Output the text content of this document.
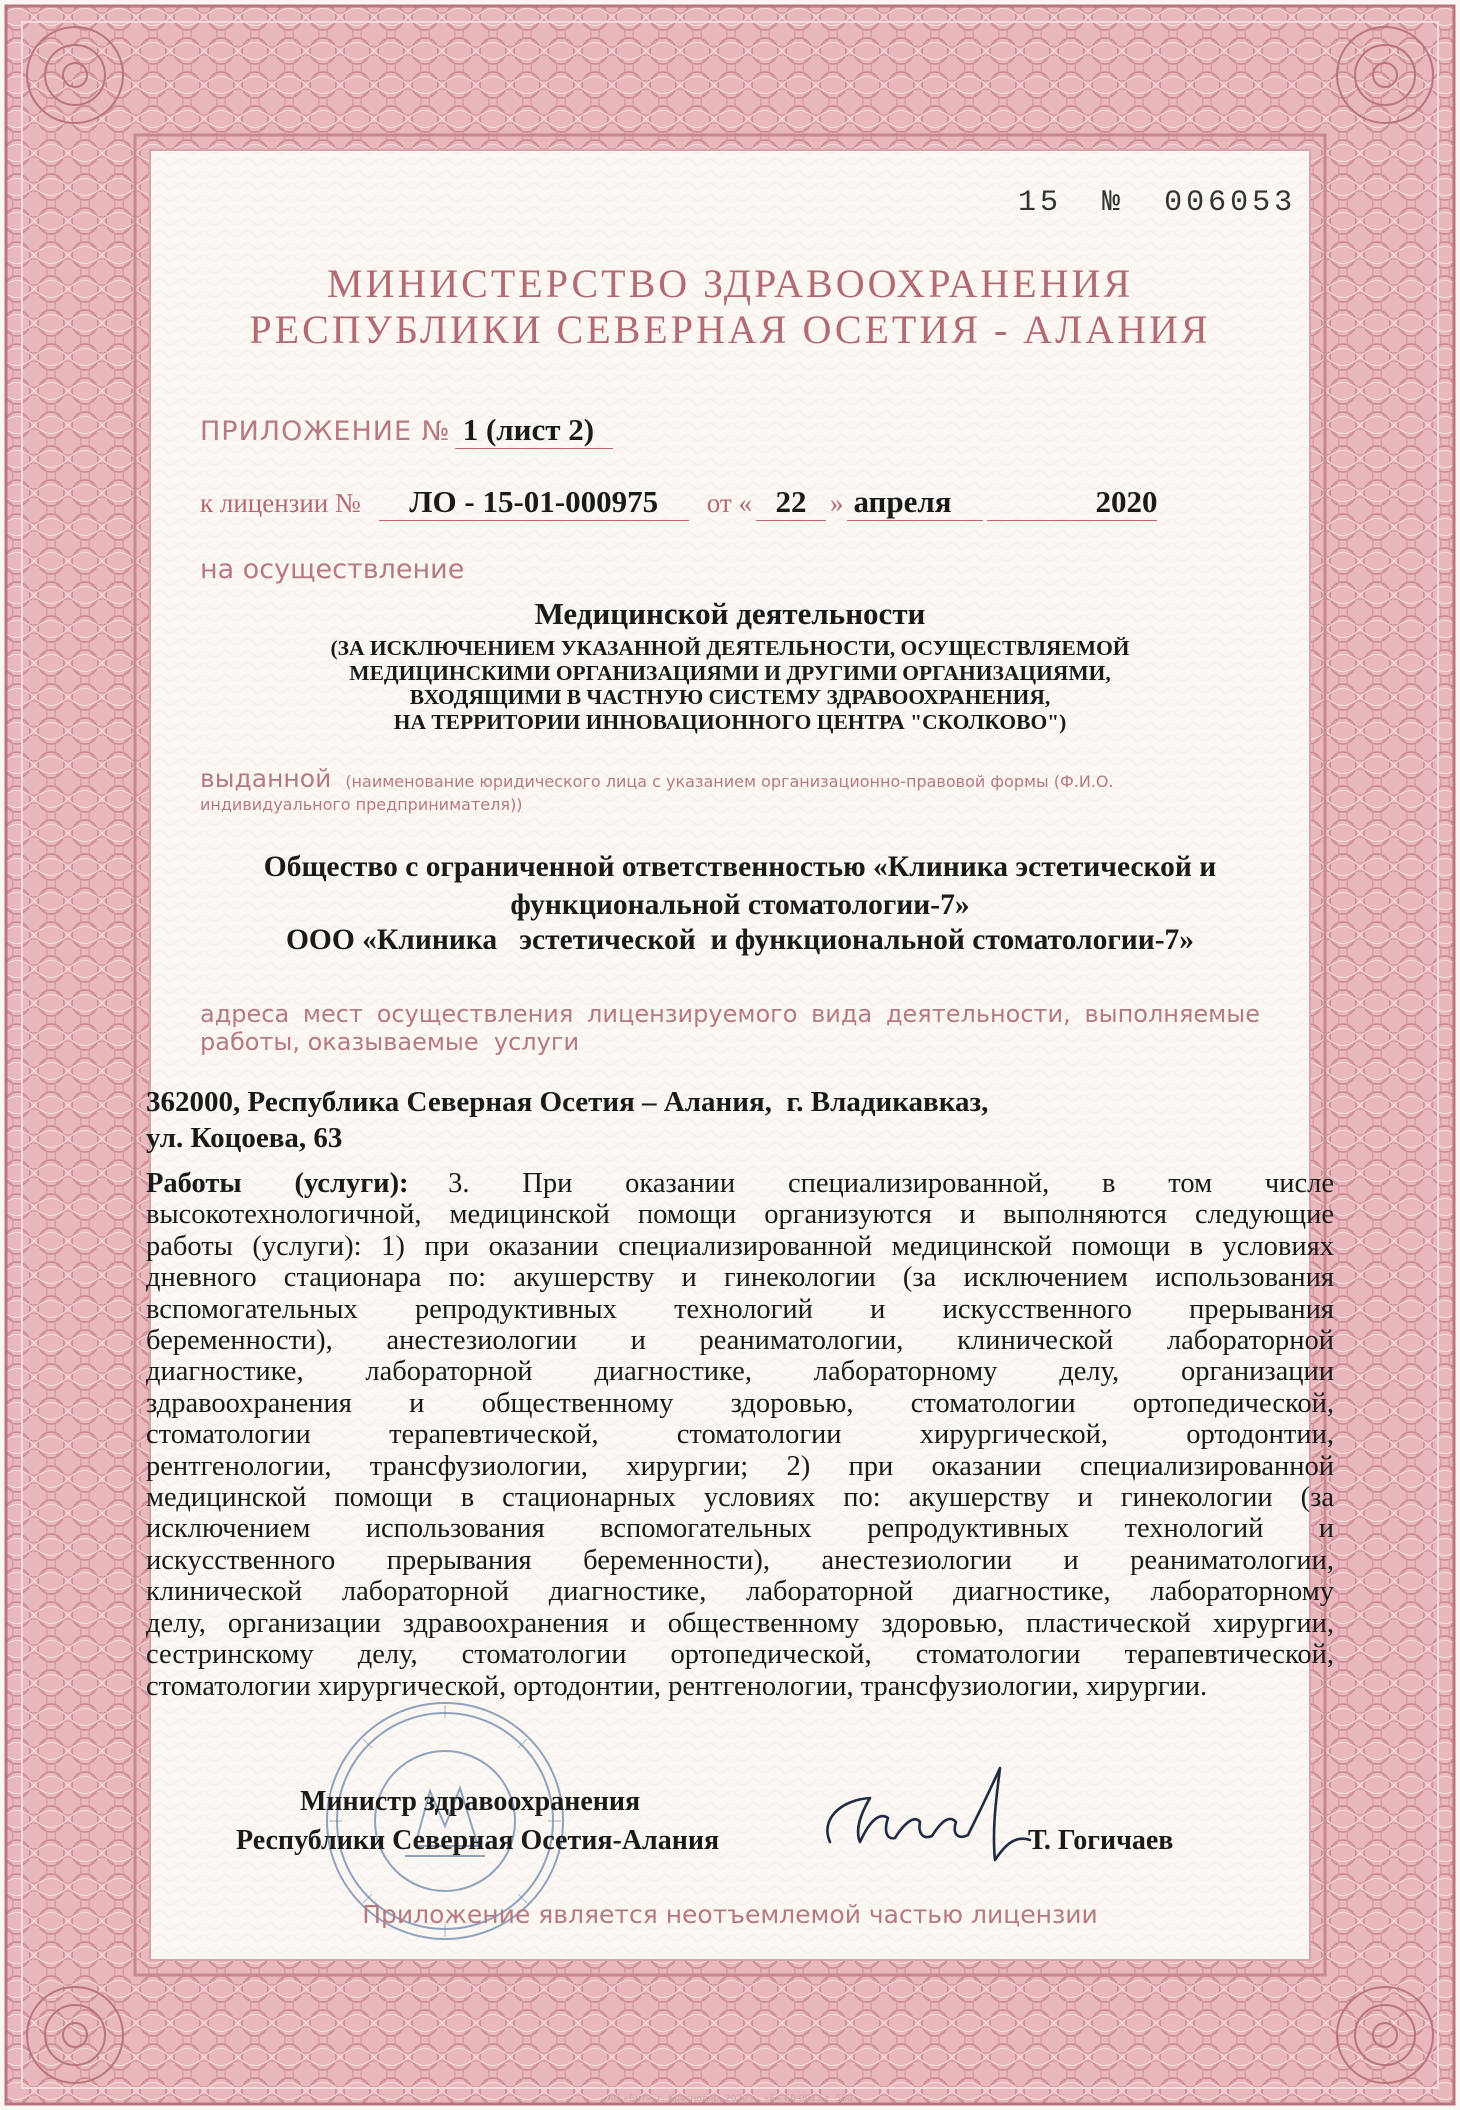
15 № 006053
МИНИСТЕРСТВО ЗДРАВООХРАНЕНИЯ
РЕСПУБЛИКИ СЕВЕРНАЯ ОСЕТИЯ - АЛАНИЯ
ПРИЛОЖЕНИЕ № 1 (лист 2)
к лицензии № ЛО - 15-01-000975 от « 22 » апреля	2020
на осуществление
Медицинской деятельности
(ЗА ИСКЛЮЧЕНИЕМ УКАЗАННОЙ ДЕЯТЕЛЬНОСТИ, ОСУЩЕСТВЛЯЕМОЙ
МЕДИЦИНСКИМИ ОРГАНИЗАЦИЯМИ И ДРУГИМИ ОРГАНИЗАЦИЯМИ,
ВХОДЯЩИМИ В ЧАСТНУЮ СИСТЕМУ ЗДРАВООХРАНЕНИЯ,
НА ТЕРРИТОРИИ ИННОВАЦИОННОГО ЦЕНТРА "СКОЛКОВО")
выданной (наименование юридического лица с указанием организационно-правовой формы (Ф.И.О.
индивидуального предпринимателя))
Общество с ограниченной ответственностью «Клиника эстетической и
функциональной стоматологии-7»
ООО «Клиника   эстетической  и функциональной стоматологии-7»
адреса мест осуществления лицензируемого вида деятельности, выполняемые
работы, оказываемые  услуги
362000, Республика Северная Осетия – Алания,  г. Владикавказ,
ул. Коцоева, 63
Работы    (услуги): 3.    При    оказании    специализированной,    в    том    числе
высокотехнологичной, медицинской помощи организуются и выполняются следующие
работы (услуги): 1) при оказании специализированной медицинской помощи в условиях
дневного стационара по: акушерству и гинекологии (за исключением использования
вспомогательных репродуктивных технологий и искусственного прерывания
беременности), анестезиологии и реаниматологии, клинической лабораторной
диагностике, лабораторной диагностике, лабораторному делу, организации
здравоохранения и общественному здоровью, стоматологии ортопедической,
стоматологии терапевтической, стоматологии хирургической, ортодонтии,
рентгенологии, трансфузиологии, хирургии; 2) при оказании специализированной
медицинской помощи в стационарных условиях по: акушерству и гинекологии (за
исключением использования вспомогательных репродуктивных технологий и
искусственного прерывания беременности), анестезиологии и реаниматологии,
клинической лабораторной диагностике, лабораторной диагностике, лабораторному
делу, организации здравоохранения и общественному здоровью, пластической хирургии,
сестринскому делу, стоматологии ортопедической, стоматологии терапевтической,
стоматологии хирургической, ортодонтии, рентгенологии, трансфузиологии, хирургии.
Министр здравоохранения
Республики Северная Осетия-Алания	Т. Гогичаев
Приложение является неотъемлемой частью лицензии
АО «Бит», г. Краснодар, 2020 г., «Б» 68-0913 т. 500
